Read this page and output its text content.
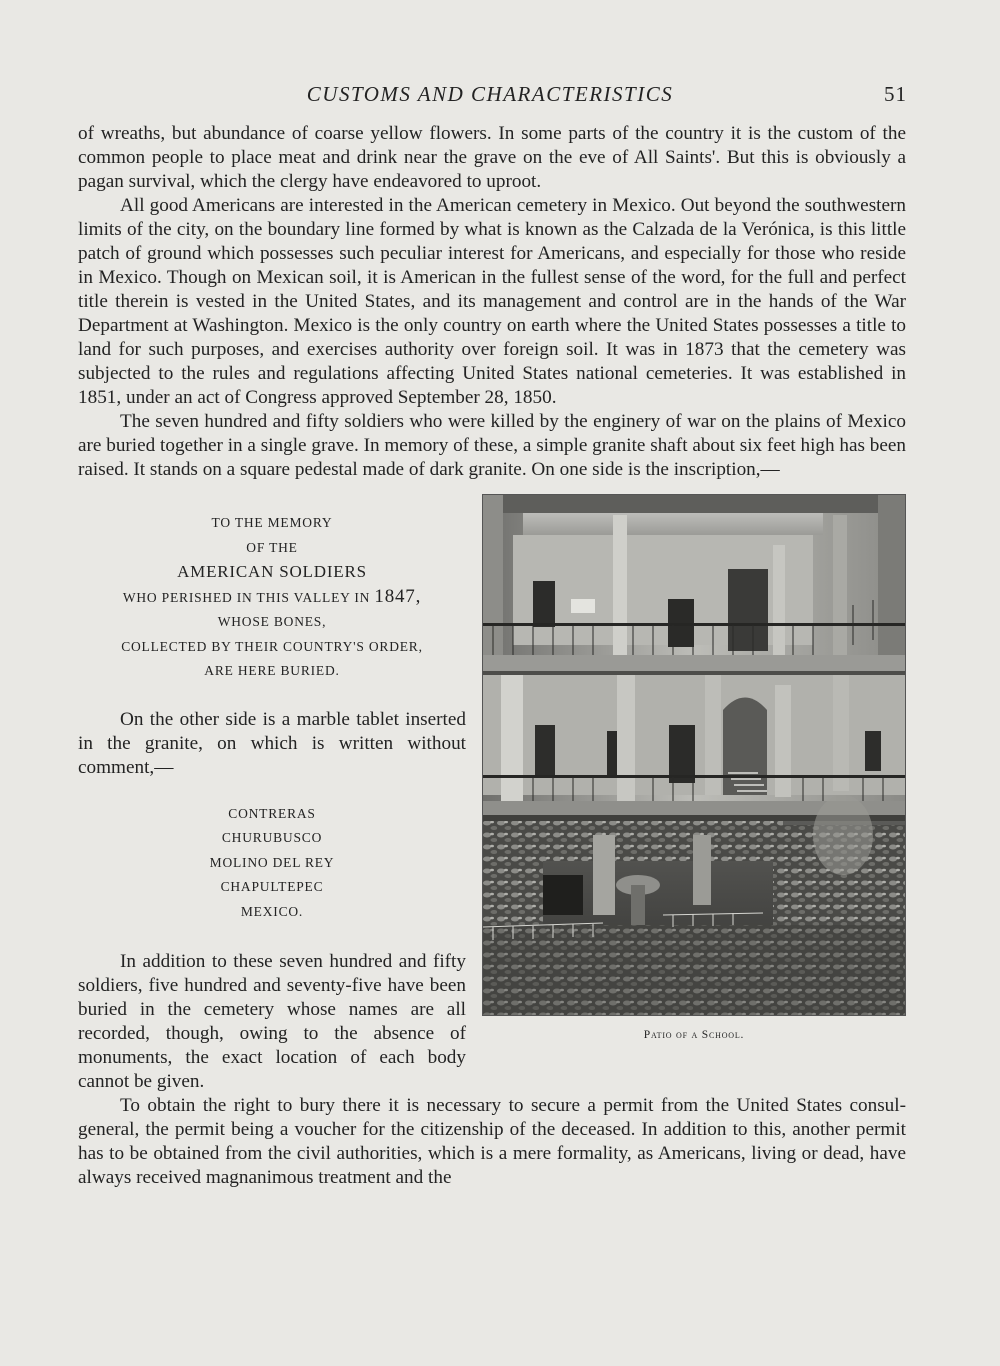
CUSTOMS AND CHARACTERISTICS	51

of wreaths, but abundance of coarse yellow flowers. In some parts of the country it is the custom of the common people to place meat and drink near the grave on the eve of All Saints'. But this is obviously a pagan survival, which the clergy have endeavored to uproot.

All good Americans are interested in the American cemetery in Mexico. Out beyond the southwestern limits of the city, on the boundary line formed by what is known as the Calzada de la Verónica, is this little patch of ground which possesses such peculiar interest for Americans, and especially for those who reside in Mexico. Though on Mexican soil, it is American in the fullest sense of the word, for the full and perfect title therein is vested in the United States, and its management and control are in the hands of the War Department at Washington. Mexico is the only country on earth where the United States possesses a title to land for such purposes, and exercises authority over foreign soil. It was in 1873 that the cemetery was subjected to the rules and regulations affecting United States national cemeteries. It was established in 1851, under an act of Congress approved September 28, 1850.

The seven hundred and fifty soldiers who were killed by the enginery of war on the plains of Mexico are buried together in a single grave. In memory of these, a simple granite shaft about six feet high has been raised. It stands on a square pedestal made of dark granite. On one side is the inscription,—

Patio of a School.
TO THE MEMORY
OF THE
AMERICAN SOLDIERS
WHO PERISHED IN THIS VALLEY IN 1847,
WHOSE BONES,
COLLECTED BY THEIR COUNTRY'S ORDER,
ARE HERE BURIED.

On the other side is a marble tablet inserted in the granite, on which is written without comment,—

CONTRERAS
CHURUBUSCO
MOLINO DEL REY
CHAPULTEPEC
MEXICO.

In addition to these seven hundred and fifty soldiers, five hundred and seventy-five have been buried in the cemetery whose names are all recorded, though, owing to the absence of monuments, the exact location of each body cannot be given.

To obtain the right to bury there it is necessary to secure a permit from the United States consul-general, the permit being a voucher for the citizenship of the deceased. In addition to this, another permit has to be obtained from the civil authorities, which is a mere formality, as Americans, living or dead, have always received magnanimous treatment and the
